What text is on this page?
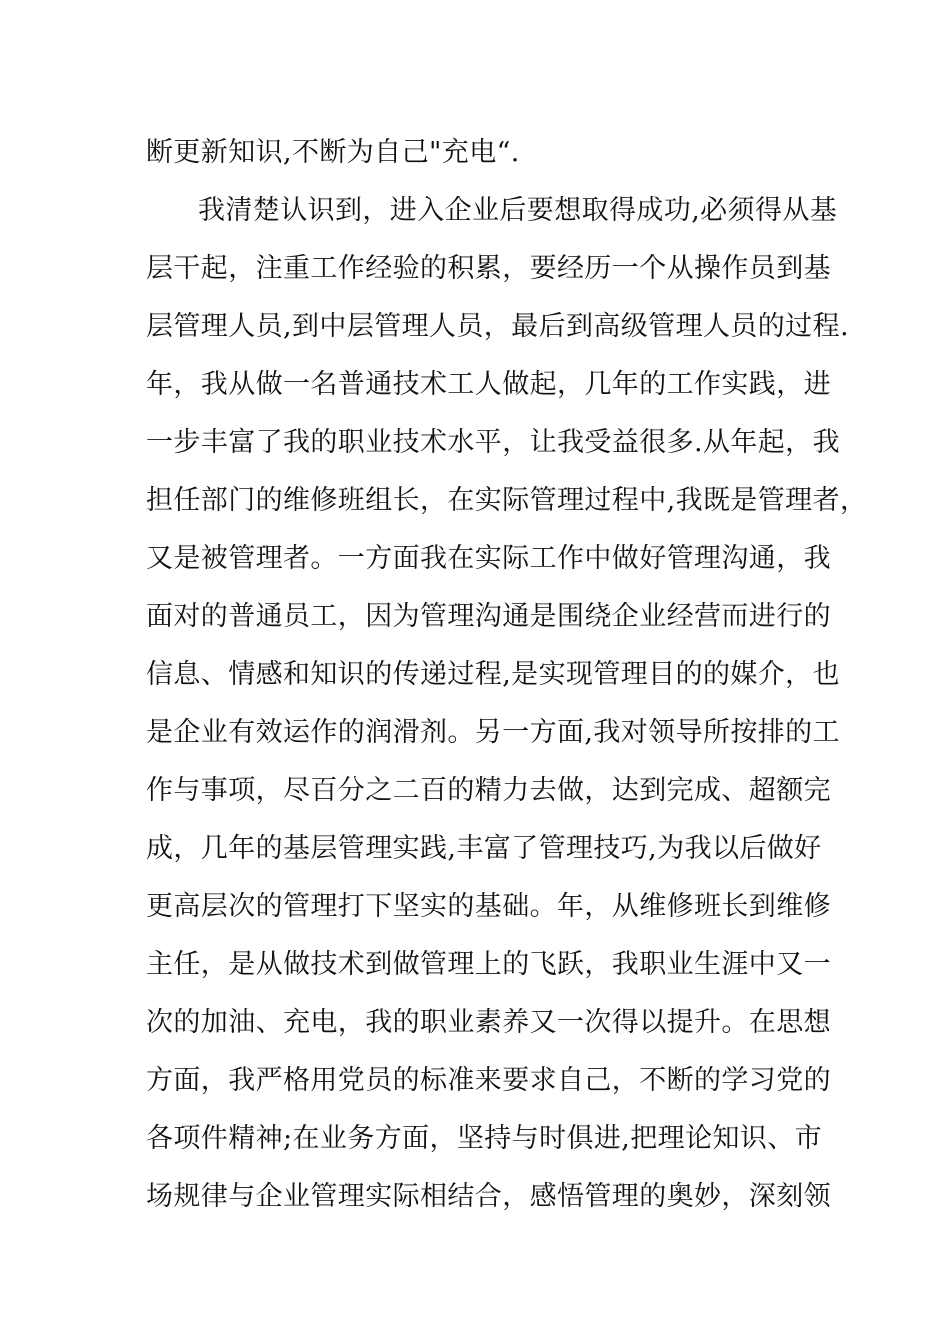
断更新知识,不断为自己"充电“.
我清楚认识到，进入企业后要想取得成功,必须得从基
层干起，注重工作经验的积累，要经历一个从操作员到基
层管理人员,到中层管理人员，最后到高级管理人员的过程.
年，我从做一名普通技术工人做起，几年的工作实践，进
一步丰富了我的职业技术水平，让我受益很多.从年起，我
担任部门的维修班组长，在实际管理过程中,我既是管理者，
又是被管理者。一方面我在实际工作中做好管理沟通，我
面对的普通员工，因为管理沟通是围绕企业经营而进行的
信息、情感和知识的传递过程,是实现管理目的的媒介，也
是企业有效运作的润滑剂。另一方面,我对领导所按排的工
作与事项，尽百分之二百的精力去做，达到完成、超额完
成，几年的基层管理实践,丰富了管理技巧,为我以后做好
更高层次的管理打下坚实的基础。年，从维修班长到维修
主任，是从做技术到做管理上的飞跃，我职业生涯中又一
次的加油、充电，我的职业素养又一次得以提升。在思想
方面，我严格用党员的标准来要求自己，不断的学习党的
各项件精神;在业务方面，坚持与时俱进,把理论知识、市
场规律与企业管理实际相结合，感悟管理的奥妙，深刻领
